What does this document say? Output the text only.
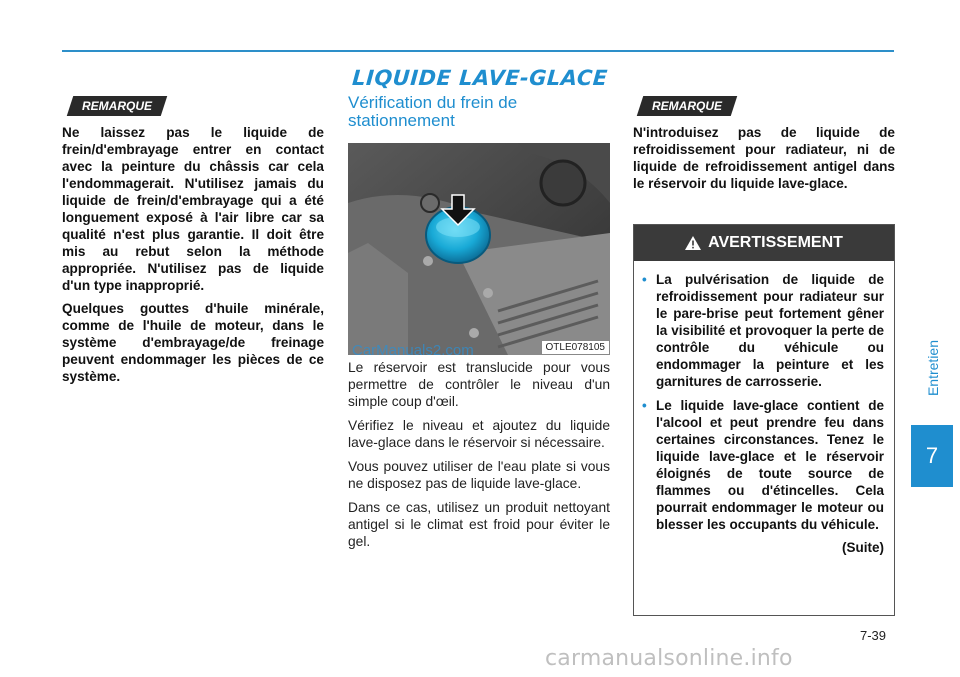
LIQUIDE LAVE-GLACE
Entretien
7
REMARQUE

Ne laissez pas le liquide de frein/d'embrayage entrer en contact avec la peinture du châssis car cela l'endommagerait. N'utilisez jamais du liquide de frein/d'embrayage qui a été longuement exposé à l'air libre car sa qualité n'est plus garantie. Il doit être mis au rebut selon la méthode appropriée. N'utilisez pas de liquide d'un type inapproprié.

Quelques gouttes d'huile minérale, comme de l'huile de moteur, dans le système d'embrayage/de freinage peuvent endommager les pièces de ce système.

Vérification du frein de stationnement
OTLE078105
CarManuals2.com

Le réservoir est translucide pour vous permettre de contrôler le niveau d'un simple coup d'œil.

Vérifiez le niveau et ajoutez du liquide lave-glace dans le réservoir si nécessaire.

Vous pouvez utiliser de l'eau plate si vous ne disposez pas de liquide lave-glace.

Dans ce cas, utilisez un produit nettoyant antigel si le climat est froid pour éviter le gel.

REMARQUE
N'introduisez pas de liquide de refroidissement pour radiateur, ni de liquide de refroidissement antigel dans le réservoir du liquide lave-glace.
AVERTISSEMENT
• La pulvérisation de liquide de refroidissement pour radiateur sur le pare-brise peut fortement gêner la visibilité et provoquer la perte de contrôle du véhicule ou endommager la peinture et les garnitures de carrosserie.
• Le liquide lave-glace contient de l'alcool et peut prendre feu dans certaines circonstances. Tenez le liquide lave-glace et le réservoir éloignés de toute source de flammes ou d'étincelles. Cela pourrait endommager le moteur ou blesser les occupants du véhicule.
(Suite)
7-39
carmanualsonline.info
